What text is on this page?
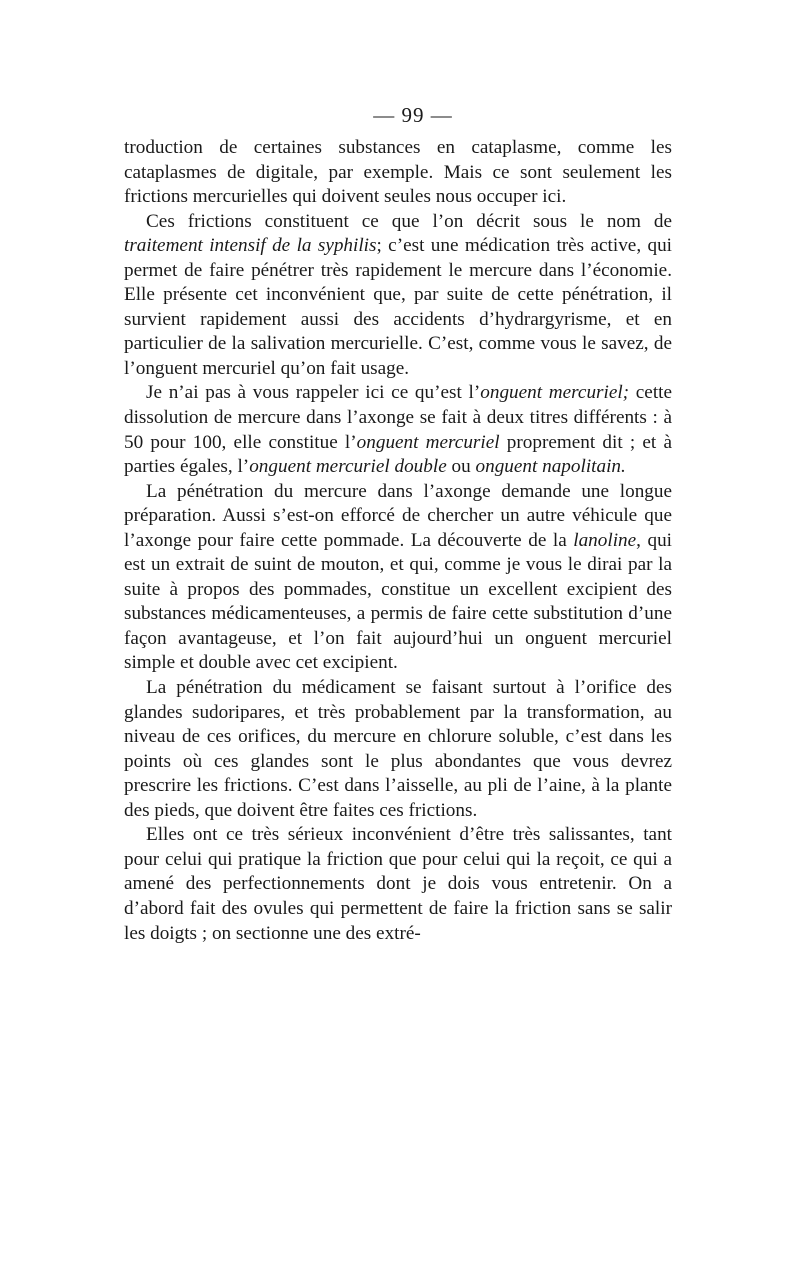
— 99 —

troduction de certaines substances en cataplasme, comme les cataplasmes de digitale, par exemple. Mais ce sont seulement les frictions mercurielles qui doivent seules nous occuper ici.

Ces frictions constituent ce que l’on décrit sous le nom de traitement intensif de la syphilis; c’est une médication très active, qui permet de faire pénétrer très rapidement le mercure dans l’économie. Elle présente cet inconvénient que, par suite de cette pénétration, il survient rapidement aussi des accidents d’hydrargyrisme, et en particulier de la salivation mercurielle. C’est, comme vous le savez, de l’onguent mercuriel qu’on fait usage.

Je n’ai pas à vous rappeler ici ce qu’est l’onguent mercuriel; cette dissolution de mercure dans l’axonge se fait à deux titres différents : à 50 pour 100, elle constitue l’onguent mercuriel proprement dit ; et à parties égales, l’onguent mercuriel double ou onguent napolitain.

La pénétration du mercure dans l’axonge demande une longue préparation. Aussi s’est-on efforcé de chercher un autre véhicule que l’axonge pour faire cette pommade. La découverte de la lanoline, qui est un extrait de suint de mouton, et qui, comme je vous le dirai par la suite à propos des pommades, constitue un excellent excipient des substances médicamenteuses, a permis de faire cette substitution d’une façon avantageuse, et l’on fait aujourd’hui un onguent mercuriel simple et double avec cet excipient.

La pénétration du médicament se faisant surtout à l’orifice des glandes sudoripares, et très probablement par la transformation, au niveau de ces orifices, du mercure en chlorure soluble, c’est dans les points où ces glandes sont le plus abondantes que vous devrez prescrire les frictions. C’est dans l’aisselle, au pli de l’aine, à la plante des pieds, que doivent être faites ces frictions.

Elles ont ce très sérieux inconvénient d’être très salissantes, tant pour celui qui pratique la friction que pour celui qui la reçoit, ce qui a amené des perfectionnements dont je dois vous entretenir. On a d’abord fait des ovules qui permettent de faire la friction sans se salir les doigts ; on sectionne une des extré-
